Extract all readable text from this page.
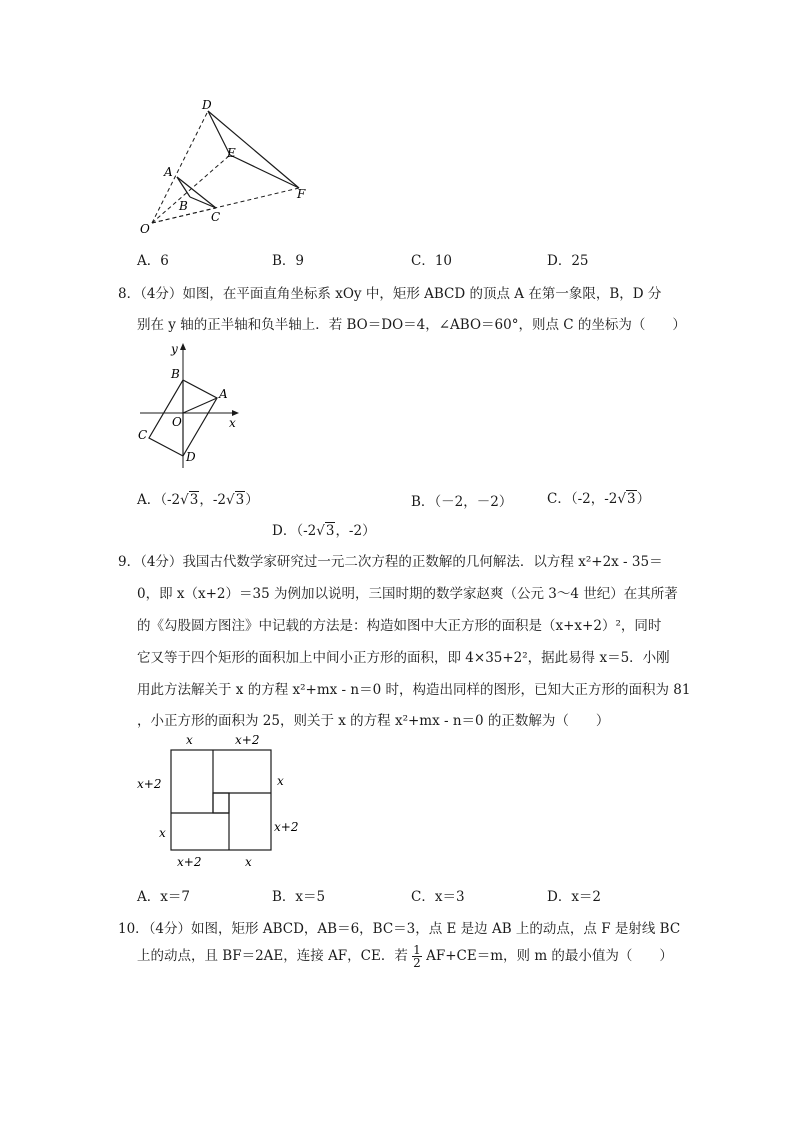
D
E
A
B
C
F
O
A．6	B．9	C．10	D．25
8．（4分）如图，在平面直角坐标系 xOy 中，矩形 ABCD 的顶点 A 在第一象限，B，D 分
别在 y 轴的正半轴和负半轴上．若 BO＝DO＝4，∠ABO＝60°，则点 C 的坐标为（　　）
y
B
A
O	x
C
D
A．（-2√3，-2√3）	B．（－2，－2）	C．（-2，-2√3）
D．（-2√3，-2）
9．（4分）我国古代数学家研究过一元二次方程的正数解的几何解法．以方程 x²+2x - 35＝
0，即 x（x+2）＝35 为例加以说明，三国时期的数学家赵爽（公元 3～4 世纪）在其所著
的《勾股圆方图注》中记载的方法是：构造如图中大正方形的面积是（x+x+2）²，同时
它又等于四个矩形的面积加上中间小正方形的面积，即 4×35+2²，据此易得 x＝5．小刚
用此方法解关于 x 的方程 x²+mx - n＝0 时，构造出同样的图形，已知大正方形的面积为 81
，小正方形的面积为 25，则关于 x 的方程 x²+mx - n＝0 的正数解为（　　）
x	x+2
x+2	x
x	x+2
x+2	x
A．x＝7	B．x＝5	C．x＝3	D．x＝2
10．（4分）如图，矩形 ABCD，AB＝6，BC＝3，点 E 是边 AB 上的动点，点 F 是射线 BC
上的动点，且 BF＝2AE，连接 AF，CE．若 $\frac{1}{2} AF+CE=m$，则 m 的最小值为（　　）
